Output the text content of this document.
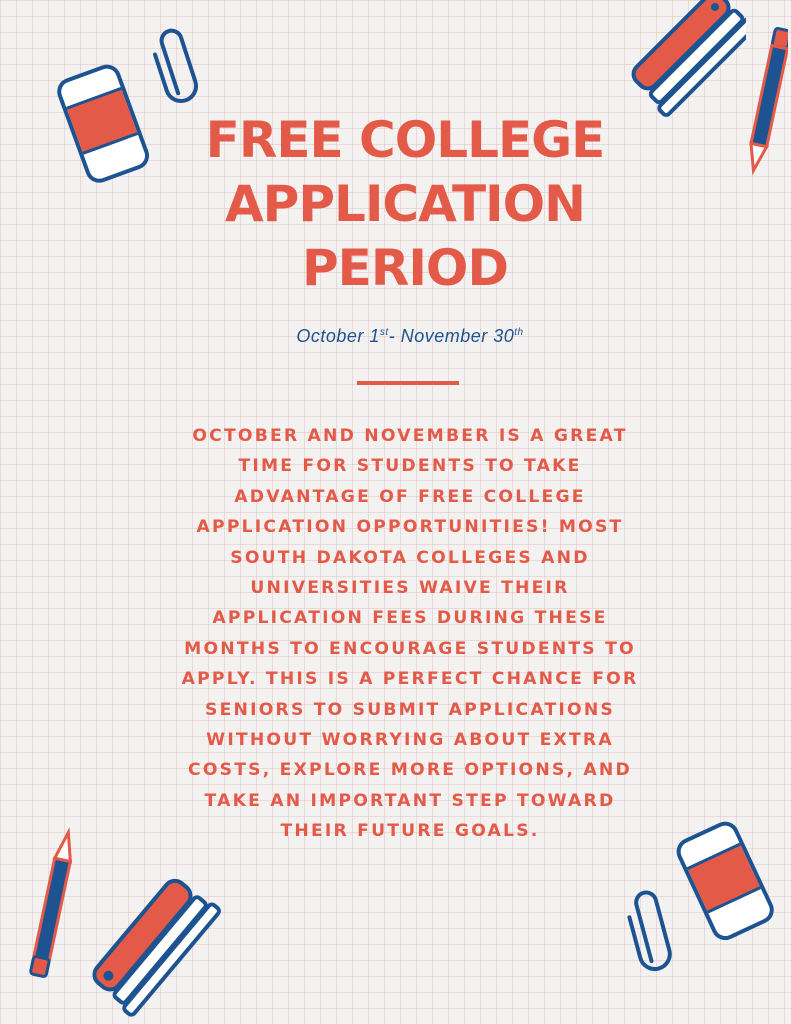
FREE COLLEGE
APPLICATION
PERIOD
October 1st- November 30th

OCTOBER AND NOVEMBER IS A GREAT TIME FOR STUDENTS TO TAKE ADVANTAGE OF FREE COLLEGE APPLICATION OPPORTUNITIES! MOST SOUTH DAKOTA COLLEGES AND UNIVERSITIES WAIVE THEIR APPLICATION FEES DURING THESE MONTHS TO ENCOURAGE STUDENTS TO APPLY. THIS IS A PERFECT CHANCE FOR SENIORS TO SUBMIT APPLICATIONS WITHOUT WORRYING ABOUT EXTRA COSTS, EXPLORE MORE OPTIONS, AND TAKE AN IMPORTANT STEP TOWARD THEIR FUTURE GOALS.
